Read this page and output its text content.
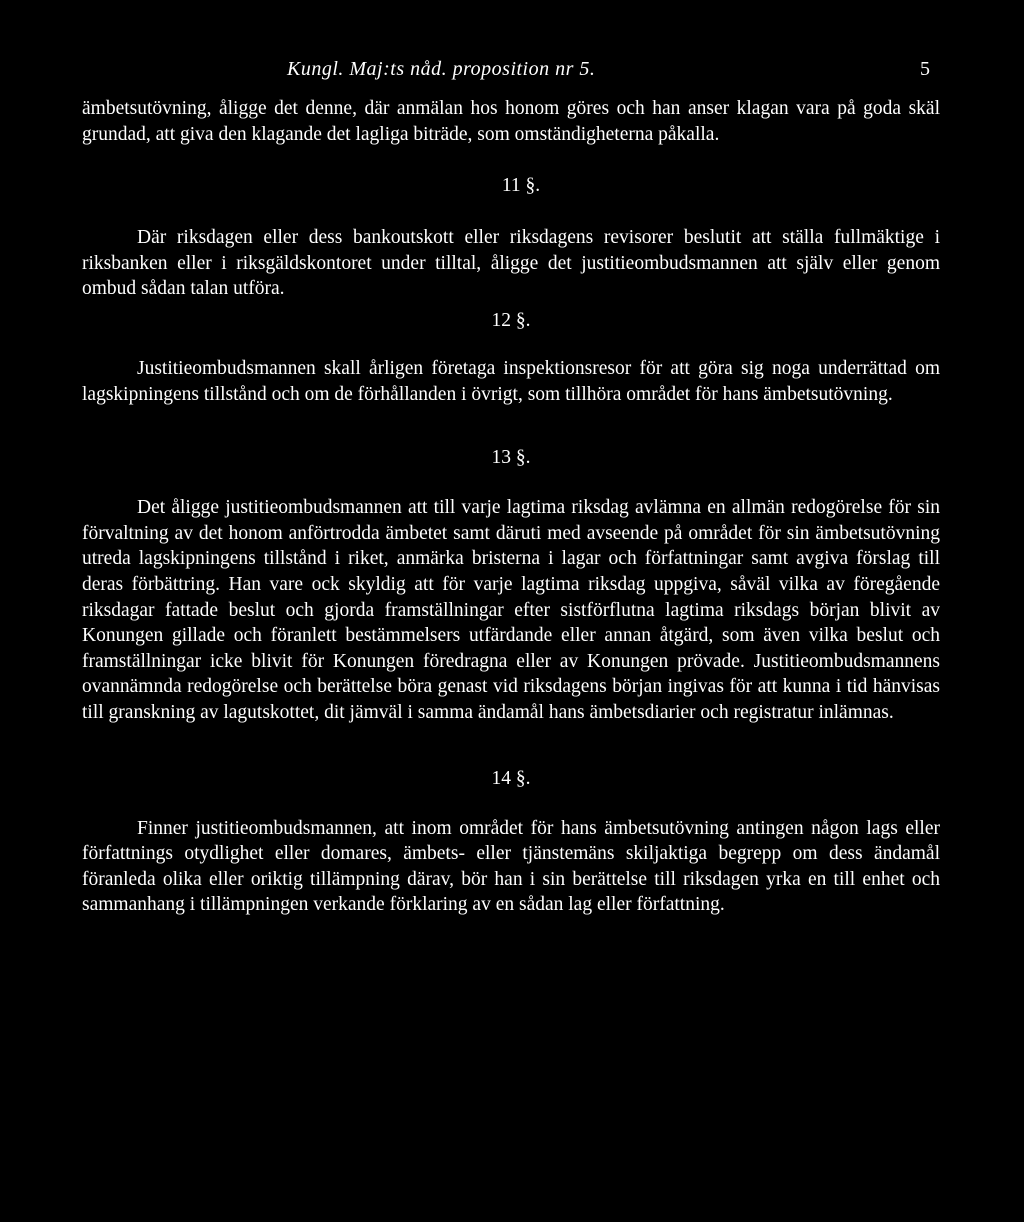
Kungl. Maj:ts nåd. proposition nr 5.	5

ämbetsutövning, åligge det denne, där anmälan hos honom göres och han anser klagan vara på goda skäl grundad, att giva den klagande det lagliga biträde, som omständigheterna påkalla.

11 §.

Där riksdagen eller dess bankoutskott eller riksdagens revisorer beslutit att ställa fullmäktige i riksbanken eller i riksgäldskontoret under tilltal, åligge det justitieombudsmannen att själv eller genom ombud sådan talan utföra.

12 §.

Justitieombudsmannen skall årligen företaga inspektionsresor för att göra sig noga underrättad om lagskipningens tillstånd och om de förhållanden i övrigt, som tillhöra området för hans ämbetsutövning.

13 §.

Det åligge justitieombudsmannen att till varje lagtima riksdag avlämna en allmän redogörelse för sin förvaltning av det honom anförtrodda ämbetet samt däruti med avseende på området för sin ämbetsutövning utreda lagskipningens tillstånd i riket, anmärka bristerna i lagar och författningar samt avgiva förslag till deras förbättring. Han vare ock skyldig att för varje lagtima riksdag uppgiva, såväl vilka av föregående riksdagar fattade beslut och gjorda framställningar efter sistförflutna lagtima riksdags början blivit av Konungen gillade och föranlett bestämmelsers utfärdande eller annan åtgärd, som även vilka beslut och framställningar icke blivit för Konungen föredragna eller av Konungen prövade. Justitieombudsmannens ovannämnda redogörelse och berättelse böra genast vid riksdagens början ingivas för att kunna i tid hänvisas till granskning av lagutskottet, dit jämväl i samma ändamål hans ämbetsdiarier och registratur inlämnas.

14 §.

Finner justitieombudsmannen, att inom området för hans ämbetsutövning antingen någon lags eller författnings otydlighet eller domares, ämbets- eller tjänstemäns skiljaktiga begrepp om dess ändamål föranleda olika eller oriktig tillämpning därav, bör han i sin berättelse till riksdagen yrka en till enhet och sammanhang i tillämpningen verkande förklaring av en sådan lag eller författning.
